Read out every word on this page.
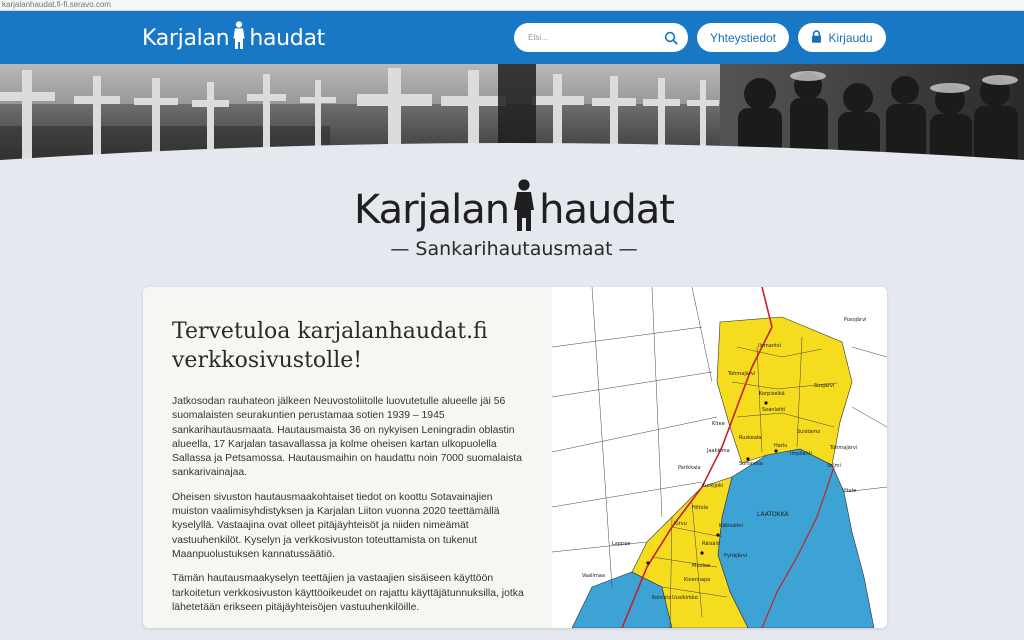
karjalanhaudat.fi-fi.seravo.com
Karjalan haudat
Etsi...	Yhteystiedot	Kirjaudu
Karjalan haudat
— Sankarihautausmaat —
Tervetuloa karjalanhaudat.fi verkkosivustolle!

Jatkosodan rauhateon jälkeen Neuvostoliitolle luovutetulle alueelle jäi 56 suomalaisten seurakuntien perustamaa sotien 1939 – 1945 sankarihautausmaata. Hautausmaista 36 on nykyisen Leningradin oblastin alueella, 17 Karjalan tasavallassa ja kolme oheisen kartan ulkopuolella Sallassa ja Petsamossa. Hautausmaihin on haudattu noin 7000 suomalaista sankarivainajaa.

Oheisen sivuston hautausmaakohtaiset tiedot on koottu Sotavainajien muiston vaalimisyhdistyksen ja Karjalan Liiton vuonna 2020 teettämällä kyselyllä. Vastaajina ovat olleet pitäjäyhteisöt ja niiden nimeämät vastuuhenkilöt. Kyselyn ja verkkosivuston toteuttamista on tukenut Maanpuolustuksen kannatussäätiö.

Tämän hautausmaakyselyn teettäjien ja vastaajien sisäiseen käyttöön tarkoitetun verkkosivuston käyttöoikeudet on rajattu käyttäjätunnuksilla, jotka lähetetään erikseen pitäjäyhteisöjen vastuuhenkilöille.

Posojärvi
Ilomantsi
Suojärvi
Korpiselkä
Soanlahti
Suistamo
Tohmajärvi
Tohmajärvi
Kitee
Ruskeala
Sortavala
Impilahti
Harlu
Salmi
Vitele
Jaakkima
Kurkijoki
LAATOKKA
Parikkala
Hiitola
Käkisalmi
Kirvu
Räisälä
Pyhäjärvi
Kivennapa
Muolaa
Koivisto Uusikirkko
Lappee
Vaalimaa
